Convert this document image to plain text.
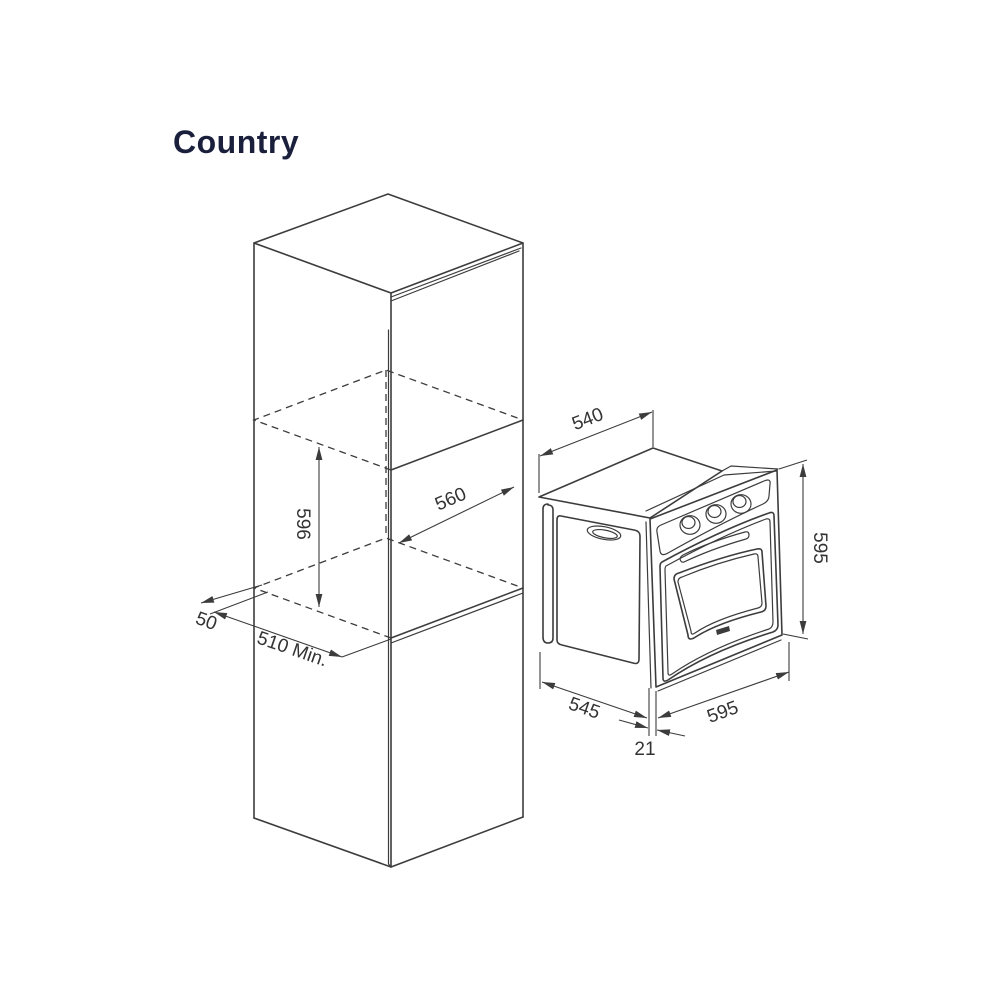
Country
596
560
50
510 Min.
540
595
545	595
21
